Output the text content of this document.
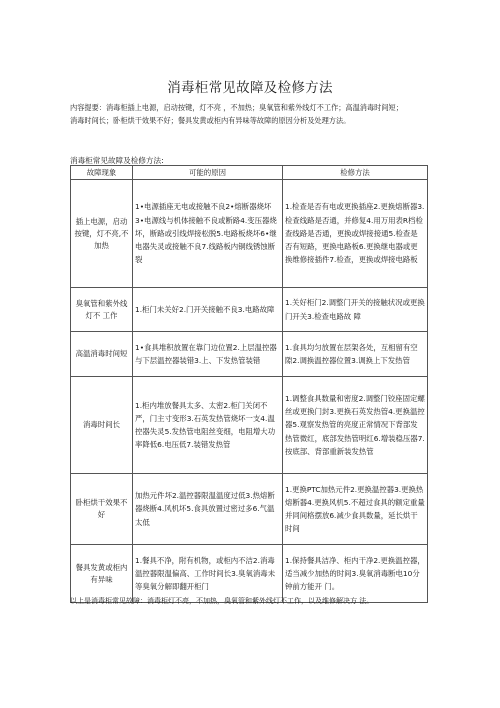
消毒柜常见故障及检修方法
内容提要：消毒柜插上电源，启动按键，灯不亮 ，不加热；臭氧管和紫外线灯不工作；高温消毒时间短；消毒时间长；卧柜烘干效果不好；餐具发黄或柜内有异味等故障的原因分析及处理方法。
消毒柜常见故障及检修方法:
故障现象	可能的原因	检修方法
插上电源，启动按键，灯不亮,不加热	1•电源插座无电或接触不良2•熔断器烧坏3•电源线与机体接触不良或断路4.变压器烧坏，断路或引线焊接松脱5.电路板烧坏6•继电器失灵或接触不良7.线路板内铜线锈蚀断裂	1.检查是否有电或更换插座2.更换熔断器3.检查线路是否通，并修复4.用万用表R档检查线路是否通，更换或焊接接通5.检查是否有短路，更换电路板6.更换继电器或更换维修接插件7.检查，更换或焊接电路板
臭氧管和紫外线灯不 工作	1.柜门未关好2.门开关接触不良3.电路故障	1.关好柜门2.调整门开关的接触状况或更换门开关3.检查电路故 障
高温消毒时间短	1•食具堆积放置在靠门边位置2.上层温控器与下层温控器装错3.上、下发热管装错	1.食具均匀放置在层架各处，互相留有空隙2.调换温控器位置3.调换上下发热管
消毒时间长	1.柜内堆放餐具太多、太密2.柜门关闭不严，门主寸变形3.石英发热管烧坏一支4.温控器失灵5.发热管电阻丝变细，电阻增大功率降低6.电压低7.装错发热管	1.调整食具数量和密度2.调整门铰座固定螺丝或更换门封3.更换石英发热管4.更换温控器5.观察发热管的亮度正常情况下背部发热管微红，底部发热管明红6.增装稳压器7.按底部、背部重新装发热管
卧柜烘干效果不好	加热元件坏2.温控器限温温度过低3.热熔断器烧断4.风机坏5.食具放置过密过多6.气温太低	1.更换PTC加热元件2.更换温控器3.更换热熔断器4.更换风机5.不超过食具的额定重量并同间格摆放6.减少食具数量，延长烘干时间
餐具发黄或柜内有异味	1.餐具不净，附有机物，或柜内不洁2.消毒温控器限温偏高、工作时间长3.臭氧消毒未等臭氧分解即翻开柜门	1.保持餐具洁净、柜内干净2.更换温控器，适当减少加热的时间3.臭氧消毒断电10分钟前方能开 门。
以上是消毒柜常见故障：消毒柜灯不亮，不加热，臭氧管和紫外线灯不工作，以及维修解决方 法。
